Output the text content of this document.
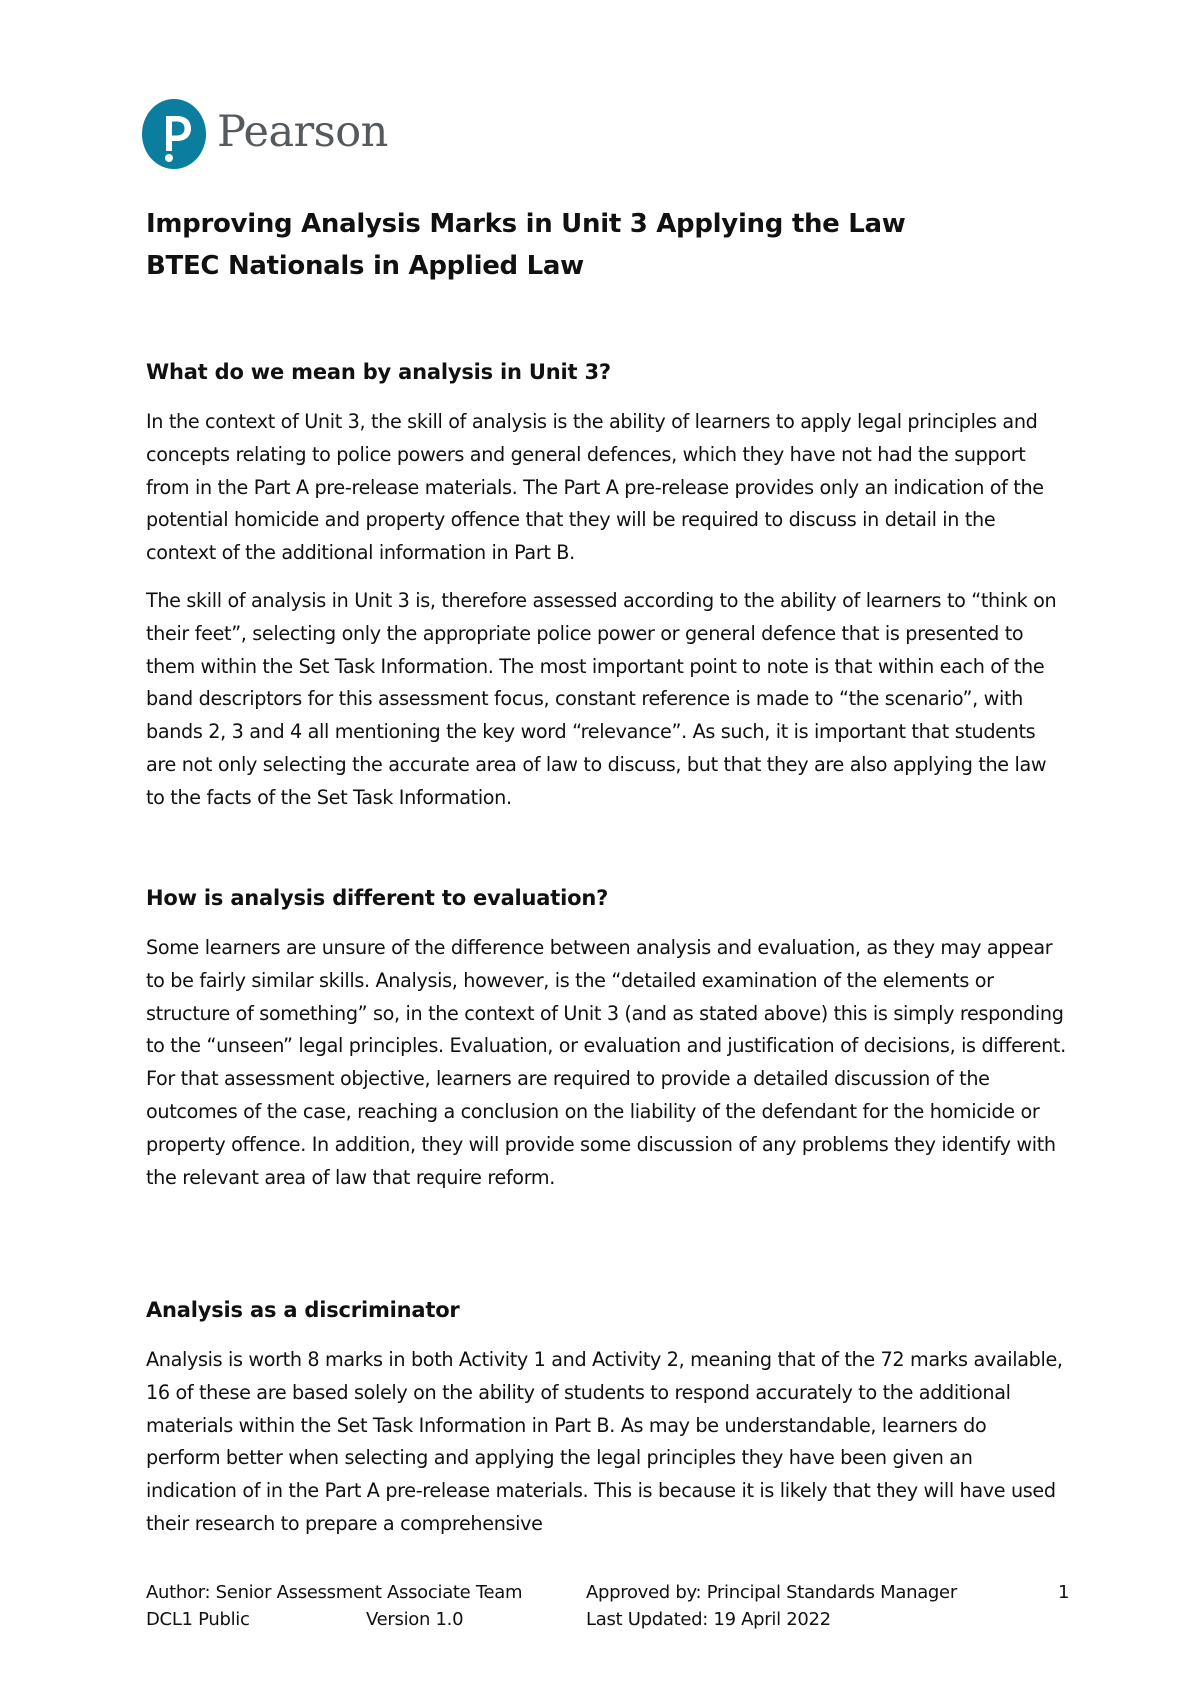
Pearson
Improving Analysis Marks in Unit 3 Applying the Law
BTEC Nationals in Applied Law
What do we mean by analysis in Unit 3?

In the context of Unit 3, the skill of analysis is the ability of learners to apply legal principles and concepts relating to police powers and general defences, which they have not had the support from in the Part A pre-release materials. The Part A pre-release provides only an indication of the potential homicide and property offence that they will be required to discuss in detail in the context of the additional information in Part B.

The skill of analysis in Unit 3 is, therefore assessed according to the ability of learners to “think on their feet”, selecting only the appropriate police power or general defence that is presented to them within the Set Task Information. The most important point to note is that within each of the band descriptors for this assessment focus, constant reference is made to “the scenario”, with bands 2, 3 and 4 all mentioning the key word “relevance”. As such, it is important that students are not only selecting the accurate area of law to discuss, but that they are also applying the law to the facts of the Set Task Information.

How is analysis different to evaluation?

Some learners are unsure of the difference between analysis and evaluation, as they may appear to be fairly similar skills. Analysis, however, is the “detailed examination of the elements or structure of something” so, in the context of Unit 3 (and as stated above) this is simply responding to the “unseen” legal principles. Evaluation, or evaluation and justification of decisions, is different. For that assessment objective, learners are required to provide a detailed discussion of the outcomes of the case, reaching a conclusion on the liability of the defendant for the homicide or property offence. In addition, they will provide some discussion of any problems they identify with the relevant area of law that require reform.

Analysis as a discriminator

Analysis is worth 8 marks in both Activity 1 and Activity 2, meaning that of the 72 marks available, 16 of these are based solely on the ability of students to respond accurately to the additional materials within the Set Task Information in Part B. As may be understandable, learners do perform better when selecting and applying the legal principles they have been given an indication of in the Part A pre-release materials. This is because it is likely that they will have used their research to prepare a comprehensive

Author: Senior Assessment Associate Team
DCL1 Public	Version 1.0
Approved by: Principal Standards Manager
Last Updated: 19 April 2022
1
